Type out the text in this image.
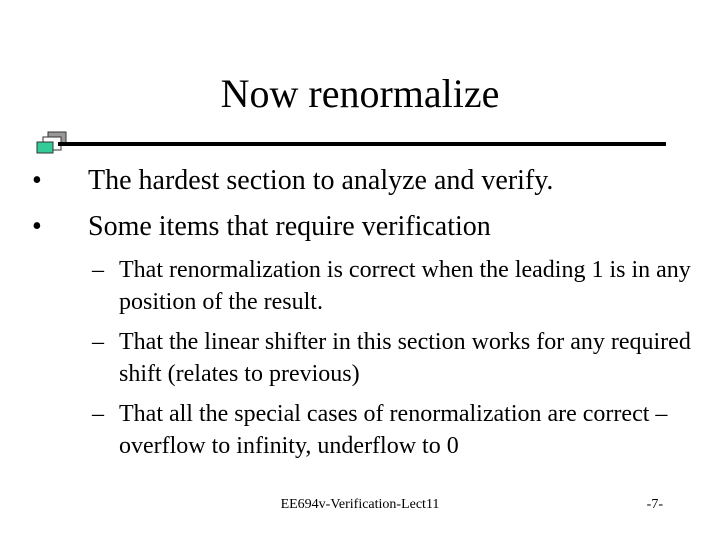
Now renormalize
• The hardest section to analyze and verify.
• Some items that require verification
– That renormalization is correct when the leading 1 is in any position of the result.
– That the linear shifter in this section works for any required shift (relates to previous)
– That all the special cases of renormalization are correct – overflow to infinity, underflow to 0
EE694v-Verification-Lect11	-7-
